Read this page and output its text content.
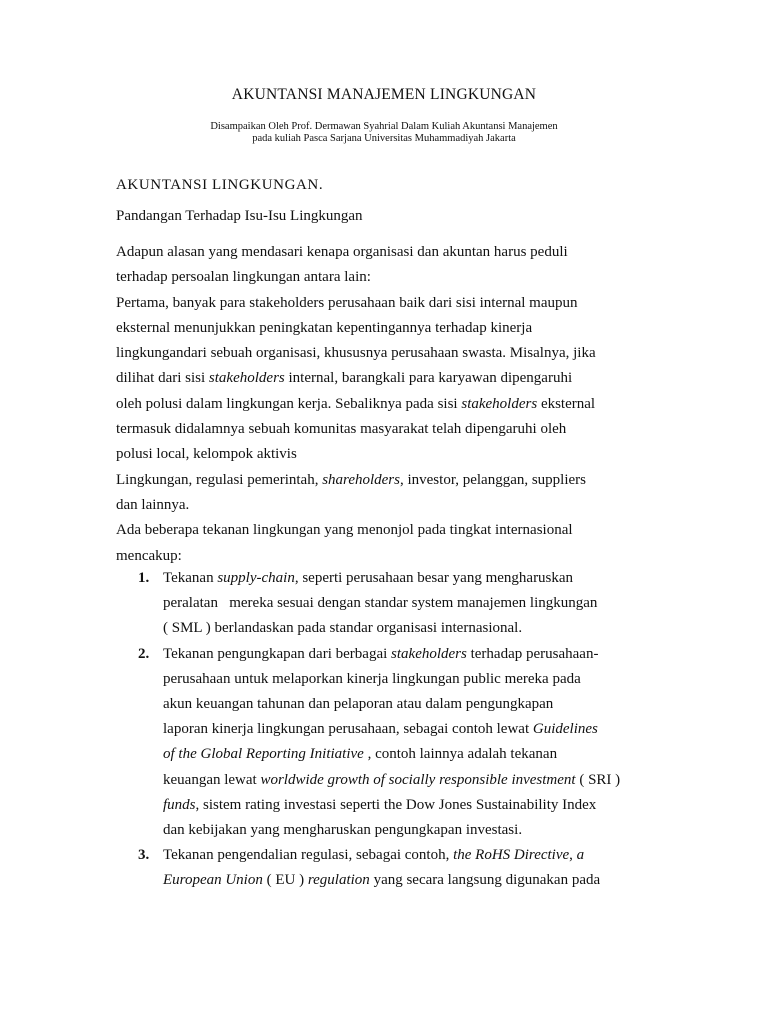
AKUNTANSI MANAJEMEN LINGKUNGAN
Disampaikan Oleh Prof. Dermawan Syahrial Dalam Kuliah Akuntansi Manajemen
pada kuliah Pasca Sarjana Universitas Muhammadiyah Jakarta
AKUNTANSI LINGKUNGAN.
Pandangan Terhadap Isu-Isu Lingkungan
Adapun alasan yang mendasari kenapa organisasi dan akuntan harus peduli
terhadap persoalan lingkungan antara lain:
Pertama, banyak para stakeholders perusahaan baik dari sisi internal maupun
eksternal menunjukkan peningkatan kepentingannya terhadap kinerja
lingkungandari sebuah organisasi, khususnya perusahaan swasta. Misalnya, jika
dilihat dari sisi stakeholders internal, barangkali para karyawan dipengaruhi
oleh polusi dalam lingkungan kerja. Sebaliknya pada sisi stakeholders eksternal
termasuk didalamnya sebuah komunitas masyarakat telah dipengaruhi oleh
polusi local, kelompok aktivis
Lingkungan, regulasi pemerintah, shareholders, investor, pelanggan, suppliers
dan lainnya.
Ada beberapa tekanan lingkungan yang menonjol pada tingkat internasional
mencakup:
1. Tekanan supply-chain, seperti perusahaan besar yang mengharuskan
peralatan   mereka sesuai dengan standar system manajemen lingkungan
( SML ) berlandaskan pada standar organisasi internasional.
2. Tekanan pengungkapan dari berbagai stakeholders terhadap perusahaan-
perusahaan untuk melaporkan kinerja lingkungan public mereka pada
akun keuangan tahunan dan pelaporan atau dalam pengungkapan
laporan kinerja lingkungan perusahaan, sebagai contoh lewat Guidelines
of the Global Reporting Initiative , contoh lainnya adalah tekanan
keuangan lewat worldwide growth of socially responsible investment ( SRI )
funds, sistem rating investasi seperti the Dow Jones Sustainability Index
dan kebijakan yang mengharuskan pengungkapan investasi.
3. Tekanan pengendalian regulasi, sebagai contoh, the RoHS Directive, a
European Union ( EU ) regulation yang secara langsung digunakan pada
